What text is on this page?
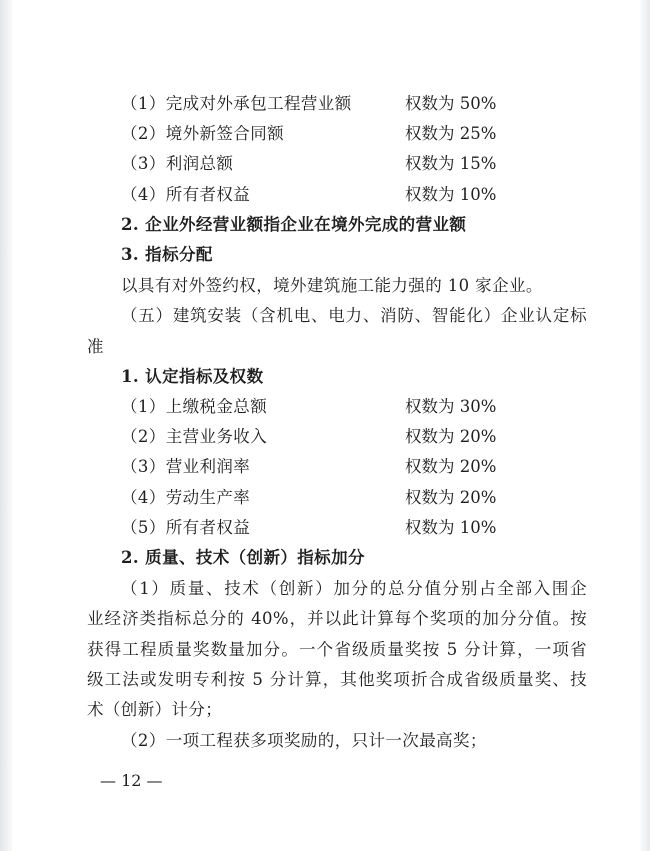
（1）完成对外承包工程营业额	权数为 50%
（2）境外新签合同额	权数为 25%
（3）利润总额	权数为 15%
（4）所有者权益	权数为 10%
2. 企业外经营业额指企业在境外完成的营业额
3. 指标分配
以具有对外签约权，境外建筑施工能力强的 10 家企业。
（五）建筑安装（含机电、电力、消防、智能化）企业认定标
准
1. 认定指标及权数
（1）上缴税金总额	权数为 30%
（2）主营业务收入	权数为 20%
（3）营业利润率	权数为 20%
（4）劳动生产率	权数为 20%
（5）所有者权益	权数为 10%
2. 质量、技术（创新）指标加分
（1）质量、技术（创新）加分的总分值分别占全部入围企
业经济类指标总分的 40%，并以此计算每个奖项的加分分值。按
获得工程质量奖数量加分。一个省级质量奖按 5 分计算，一项省
级工法或发明专利按 5 分计算，其他奖项折合成省级质量奖、技
术（创新）计分；
（2）一项工程获多项奖励的，只计一次最高奖；
— 12 —
